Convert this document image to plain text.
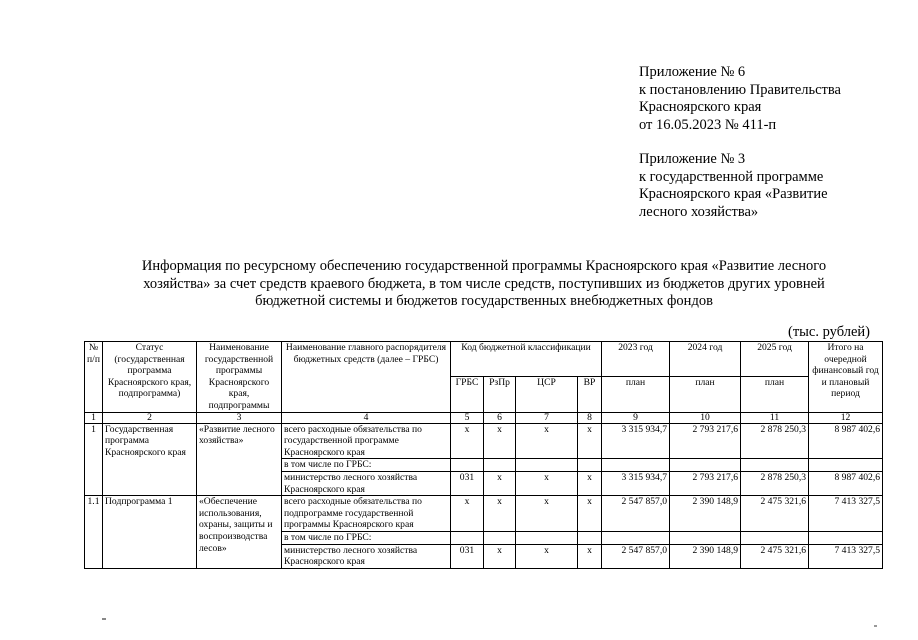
Приложение № 6
к постановлению Правительства
Красноярского края
от 16.05.2023 № 411-п
Приложение № 3
к государственной программе
Красноярского края «Развитие
лесного хозяйства»
Информация по ресурсному обеспечению государственной программы Красноярского края «Развитие лесного
хозяйства» за счет средств краевого бюджета, в том числе средств, поступивших из бюджетов других уровней
бюджетной системы и бюджетов государственных внебюджетных фондов
(тыс. рублей)
№ п/п	Статус (государственная программа Красноярского края, подпрограмма)	Наименование государственной программы Красноярского края, подпрограммы	Наименование главного распорядителя бюджетных средств (далее – ГРБС)	Код бюджетной классификации				2023 год	2024 год	2025 год	Итого на очередной финансовый год и плановый период
				ГРБС	РзПр	ЦСР	ВР	план	план	план	
1	2	3	4	5	6	7	8	9	10	11	12
1	Государственная программа Красноярского края	«Развитие лесного хозяйства»	всего расходные обязательства по государственной программе Красноярского края	х	х	х	х	3 315 934,7	2 793 217,6	2 878 250,3	8 987 402,6
			в том числе по ГРБС:								
			министерство лесного хозяйства Красноярского края	031	х	х	х	3 315 934,7	2 793 217,6	2 878 250,3	8 987 402,6
1.1	Подпрограмма 1	«Обеспечение использования, охраны, защиты и воспроизводства лесов»	всего расходные обязательства по подпрограмме государственной программы Красноярского края	х	х	х	х	2 547 857,0	2 390 148,9	2 475 321,6	7 413 327,5
			в том числе по ГРБС:								
			министерство лесного хозяйства Красноярского края	031	х	х	х	2 547 857,0	2 390 148,9	2 475 321,6	7 413 327,5
